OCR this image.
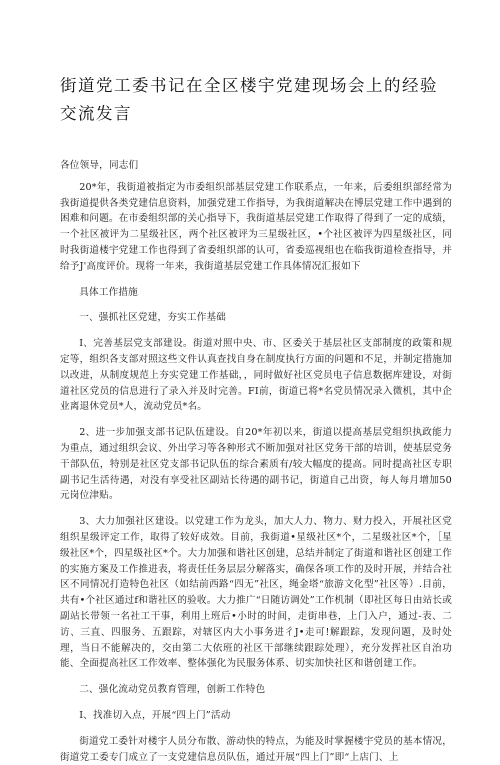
街道党工委书记在全区楼宇党建现场会上的经验交流发言

各位领导，同志们

20*年，我街道被指定为市委组织部基层党建工作联系点，一年来，后委组织部经常为我街道提供各类党建信息资料，加强党建工作指导，为我街道解决在博层党建工作中遇到的困难和问题。在市委组织部的关心指导下，我街道基层党建工作取得了得到了一定的成绩，一个社区被评为二星级社区，两个社区被评为三星级社区，•个社区被评为四星级社区，同时我街道楼宇党建工作也得到了省委组织部的认可，省委巡视组也在临我街道检查指导，并给予J'高度评价。现将一年来，我街道基层党建工作具体情况汇报如下

具体工作措施

一、强抓社区党建，夯实工作基础

I、完善基层党支部建设。街道对照中央、市、区委关于基层社区支部制度的政策和规定等，组织各支部对照这些文件认真查找自身在制度执行方面的问题和不足，并制定措施加以改进，从制度规范上夯实党建工作基础，，同时做好社区党员电子信息数据库建设，对街道社区党员的信息进行了录入并及时完善。FI前，街道已将*名党员情况录入微机，其中企业离退休党员*人，流动党员*名。

2、进一步加强支部书记队伍建设。自20*年初以来，街道以提高基层党组织执政能力为重点，通过组织会议、外出学习等各种形式不断加强对社区党务干部的培训，使基层党务干部队伍，特别是社区党支部书记队伍的综合素质有/较大幅度的提高。同时提高社区专职副书记生活待遇，对没有享受社区副站长待遇的副书记，街道自己出资，每人每月增加50元岗位津贴。

3、大力加强社区建设。以党建工作为龙头，加大人力、物力、财力投入，开展社区党组织星级评定工作，取得了较好成效。目前，我街道•星级社区*个，二星级社区*个，［星级社区*个，四星级社区*个。大力加强和谐社区创建，总结并制定了街道和谐社区创建工作的实施方案及工作推进表，将责任任务层层分解落实，确保各项工作的及时开展，并结合社区不同情况打造特色社区（如结前西路“四无”社区，绳金塔“旅游文化型”社区等）.目前，共有•个社区通过f和谐社区的验收。大力推广“日随访调处”工作机制（即社区每日由站长或副站长带领一名社工干事，利用上班后•小时的时间，走街串巷，上门入户，通过-表、二访、三直、四服务、五跟踪，对辖区内大小事务进彳J•走可!解跟踪，发现问题，及时处理，当日不能解决的，交由第二大依班的社区干部继续跟踪处理），充分发挥社区自治功能、全面提高社区工作效率、整体强化为民服务体系、切实加快社区和谐创建工作。

二、强化流动党员教育管理，创新工作特色

I、找准切入点，开展“四上门”活动

街道党工委针对楼宇人员分布散、游动快的特点，为能及时掌握楼宇党员的基本情况，街道党工委专门成立了一支党建信息员队伍，通过开展“四上门”即“上店门、上
